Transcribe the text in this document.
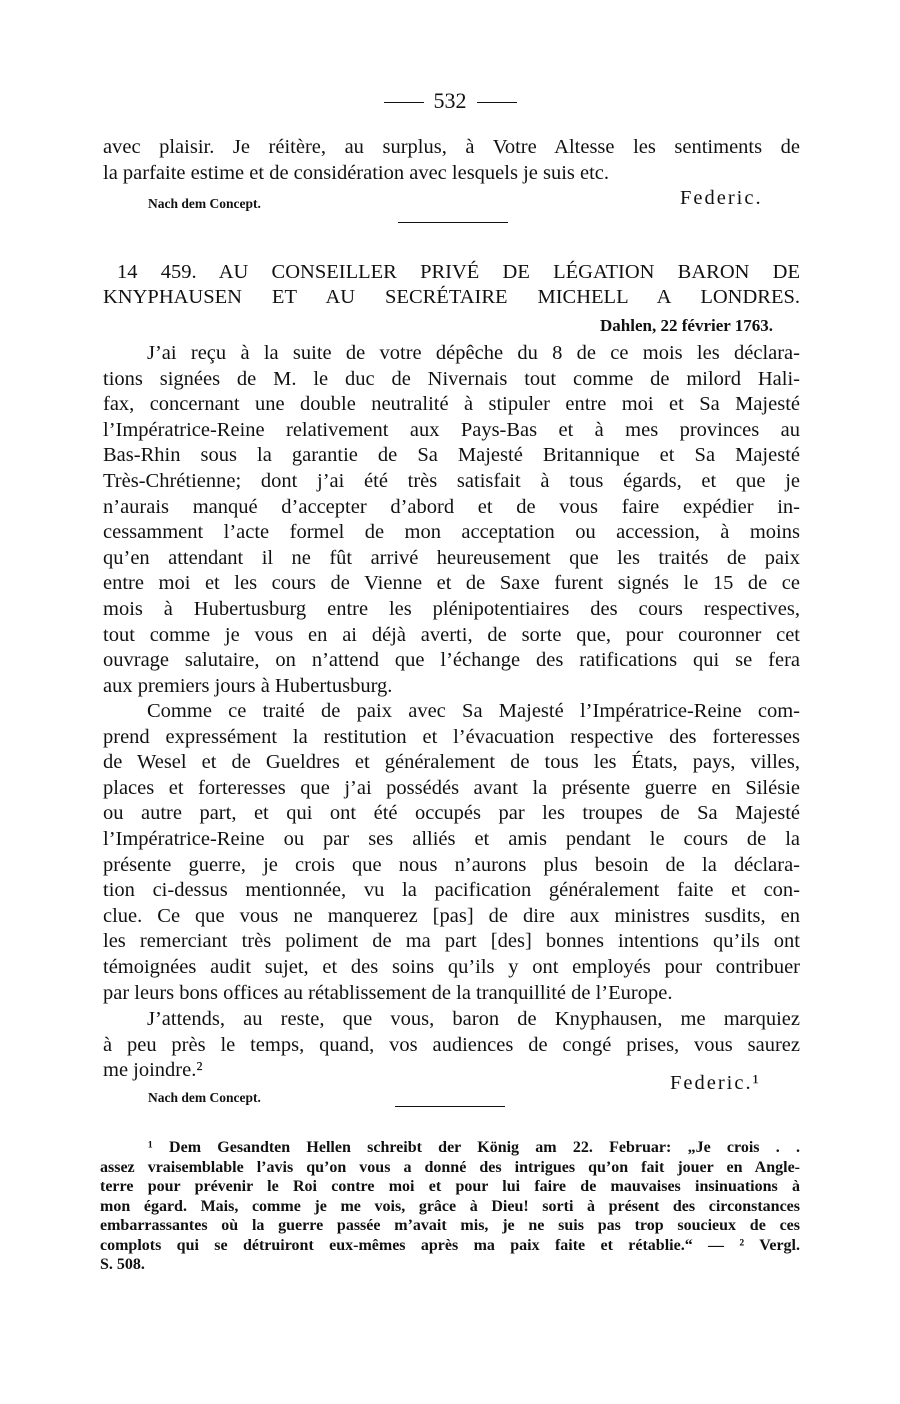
532
avec plaisir. Je réitère, au surplus, à Votre Altesse les sentiments de
la parfaite estime et de considération avec lesquels je suis etc.
Nach dem Concept.	Federic.
14 459. AU CONSEILLER PRIVÉ DE LÉGATION BARON DE
KNYPHAUSEN ET AU SECRÉTAIRE MICHELL A LONDRES.
Dahlen, 22 février 1763.
J’ai reçu à la suite de votre dépêche du 8 de ce mois les déclara-
tions signées de M. le duc de Nivernais tout comme de milord Hali-
fax, concernant une double neutralité à stipuler entre moi et Sa Majesté
l’Impératrice-Reine relativement aux Pays-Bas et à mes provinces au
Bas-Rhin sous la garantie de Sa Majesté Britannique et Sa Majesté
Très-Chrétienne; dont j’ai été très satisfait à tous égards, et que je
n’aurais manqué d’accepter d’abord et de vous faire expédier in-
cessamment l’acte formel de mon acceptation ou accession, à moins
qu’en attendant il ne fût arrivé heureusement que les traités de paix
entre moi et les cours de Vienne et de Saxe furent signés le 15 de ce
mois à Hubertusburg entre les plénipotentiaires des cours respectives,
tout comme je vous en ai déjà averti, de sorte que, pour couronner cet
ouvrage salutaire, on n’attend que l’échange des ratifications qui se fera
aux premiers jours à Hubertusburg.
Comme ce traité de paix avec Sa Majesté l’Impératrice-Reine com-
prend expressément la restitution et l’évacuation respective des forteresses
de Wesel et de Gueldres et généralement de tous les États, pays, villes,
places et forteresses que j’ai possédés avant la présente guerre en Silésie
ou autre part, et qui ont été occupés par les troupes de Sa Majesté
l’Impératrice-Reine ou par ses alliés et amis pendant le cours de la
présente guerre, je crois que nous n’aurons plus besoin de la déclara-
tion ci-dessus mentionnée, vu la pacification généralement faite et con-
clue. Ce que vous ne manquerez [pas] de dire aux ministres susdits, en
les remerciant très poliment de ma part [des] bonnes intentions qu’ils ont
témoignées audit sujet, et des soins qu’ils y ont employés pour contribuer
par leurs bons offices au rétablissement de la tranquillité de l’Europe.
J’attends, au reste, que vous, baron de Knyphausen, me marquiez
à peu près le temps, quand, vos audiences de congé prises, vous saurez
me joindre.²
Federic.¹
Nach dem Concept.
¹ Dem Gesandten Hellen schreibt der König am 22. Februar: „Je crois . .
assez vraisemblable l’avis qu’on vous a donné des intrigues qu’on fait jouer en Angle-
terre pour prévenir le Roi contre moi et pour lui faire de mauvaises insinuations à
mon égard. Mais, comme je me vois, grâce à Dieu! sorti à présent des circonstances
embarrassantes où la guerre passée m’avait mis, je ne suis pas trop soucieux de ces
complots qui se détruiront eux-mêmes après ma paix faite et rétablie.“ — ² Vergl.
S. 508.
